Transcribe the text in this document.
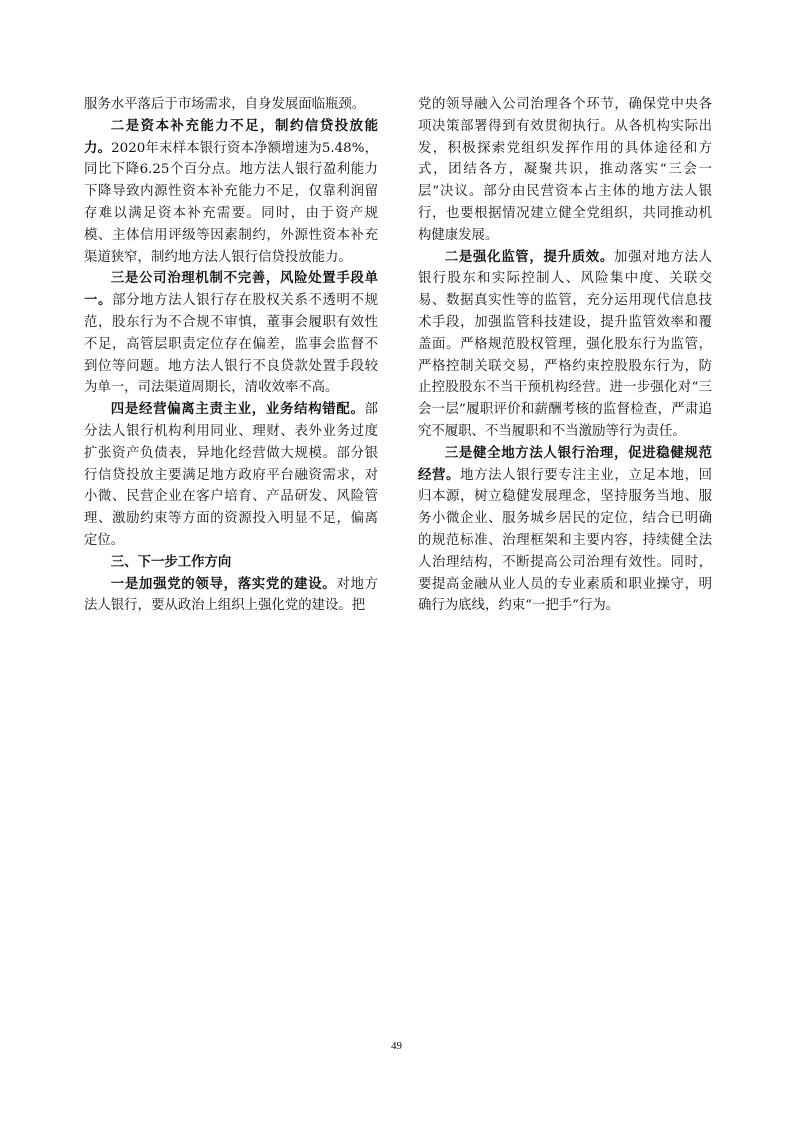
服务水平落后于市场需求，自身发展面临瓶颈。

二是资本补充能力不足，制约信贷投放能力。2020年末样本银行资本净额增速为5.48%，同比下降6.25个百分点。地方法人银行盈利能力下降导致内源性资本补充能力不足，仅靠利润留存难以满足资本补充需要。同时，由于资产规模、主体信用评级等因素制约，外源性资本补充渠道狭窄，制约地方法人银行信贷投放能力。

三是公司治理机制不完善，风险处置手段单一。部分地方法人银行存在股权关系不透明不规范，股东行为不合规不审慎，董事会履职有效性不足，高管层职责定位存在偏差，监事会监督不到位等问题。地方法人银行不良贷款处置手段较为单一，司法渠道周期长，清收效率不高。

四是经营偏离主责主业，业务结构错配。部分法人银行机构利用同业、理财、表外业务过度扩张资产负债表，异地化经营做大规模。部分银行信贷投放主要满足地方政府平台融资需求，对小微、民营企业在客户培育、产品研发、风险管理、激励约束等方面的资源投入明显不足，偏离定位。

三、下一步工作方向

一是加强党的领导，落实党的建设。对地方法人银行，要从政治上组织上强化党的建设。把

党的领导融入公司治理各个环节，确保党中央各项决策部署得到有效贯彻执行。从各机构实际出发，积极探索党组织发挥作用的具体途径和方式，团结各方，凝聚共识，推动落实“三会一层”决议。部分由民营资本占主体的地方法人银行，也要根据情况建立健全党组织，共同推动机构健康发展。

二是强化监管，提升质效。加强对地方法人银行股东和实际控制人、风险集中度、关联交易、数据真实性等的监管，充分运用现代信息技术手段，加强监管科技建设，提升监管效率和覆盖面。严格规范股权管理，强化股东行为监管，严格控制关联交易，严格约束控股股东行为，防止控股股东不当干预机构经营。进一步强化对“三会一层”履职评价和薪酬考核的监督检查，严肃追究不履职、不当履职和不当激励等行为责任。

三是健全地方法人银行治理，促进稳健规范经营。地方法人银行要专注主业，立足本地，回归本源，树立稳健发展理念，坚持服务当地、服务小微企业、服务城乡居民的定位，结合已明确的规范标准、治理框架和主要内容，持续健全法人治理结构，不断提高公司治理有效性。同时，要提高金融从业人员的专业素质和职业操守，明确行为底线，约束“一把手”行为。

49
